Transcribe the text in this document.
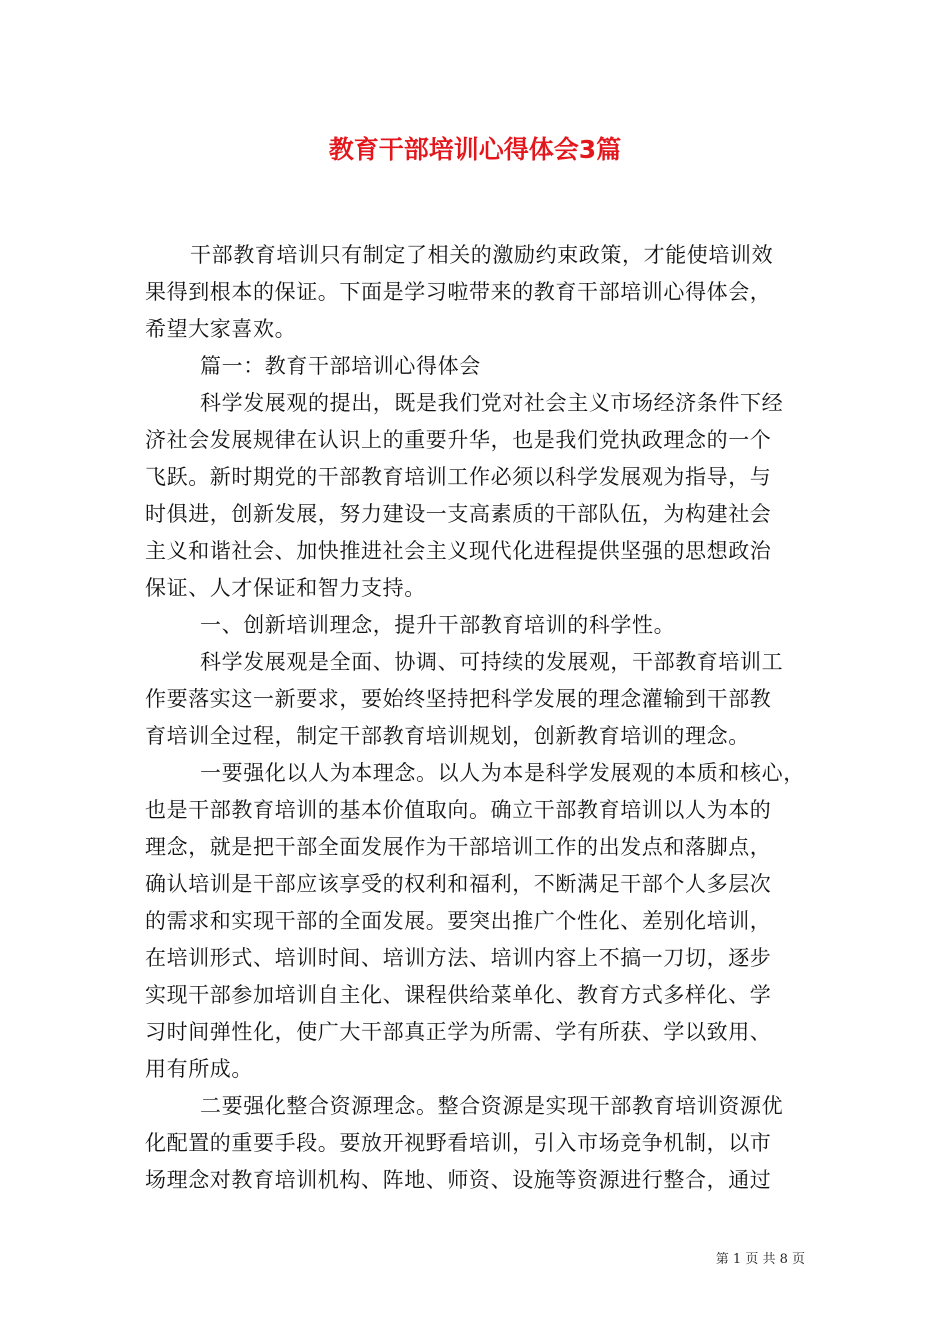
教育干部培训心得体会3篇
干部教育培训只有制定了相关的激励约束政策，才能使培训效
果得到根本的保证。下面是学习啦带来的教育干部培训心得体会，
希望大家喜欢。
篇一：教育干部培训心得体会
科学发展观的提出，既是我们党对社会主义市场经济条件下经
济社会发展规律在认识上的重要升华，也是我们党执政理念的一个
飞跃。新时期党的干部教育培训工作必须以科学发展观为指导，与
时俱进，创新发展，努力建设一支高素质的干部队伍，为构建社会
主义和谐社会、加快推进社会主义现代化进程提供坚强的思想政治
保证、人才保证和智力支持。
一、创新培训理念，提升干部教育培训的科学性。
科学发展观是全面、协调、可持续的发展观，干部教育培训工
作要落实这一新要求，要始终坚持把科学发展的理念灌输到干部教
育培训全过程，制定干部教育培训规划，创新教育培训的理念。
一要强化以人为本理念。以人为本是科学发展观的本质和核心，
也是干部教育培训的基本价值取向。确立干部教育培训以人为本的
理念，就是把干部全面发展作为干部培训工作的出发点和落脚点，
确认培训是干部应该享受的权利和福利，不断满足干部个人多层次
的需求和实现干部的全面发展。要突出推广个性化、差别化培训，
在培训形式、培训时间、培训方法、培训内容上不搞一刀切，逐步
实现干部参加培训自主化、课程供给菜单化、教育方式多样化、学
习时间弹性化，使广大干部真正学为所需、学有所获、学以致用、
用有所成。
二要强化整合资源理念。整合资源是实现干部教育培训资源优
化配置的重要手段。要放开视野看培训，引入市场竞争机制，以市
场理念对教育培训机构、阵地、师资、设施等资源进行整合，通过
第 1 页 共 8 页
